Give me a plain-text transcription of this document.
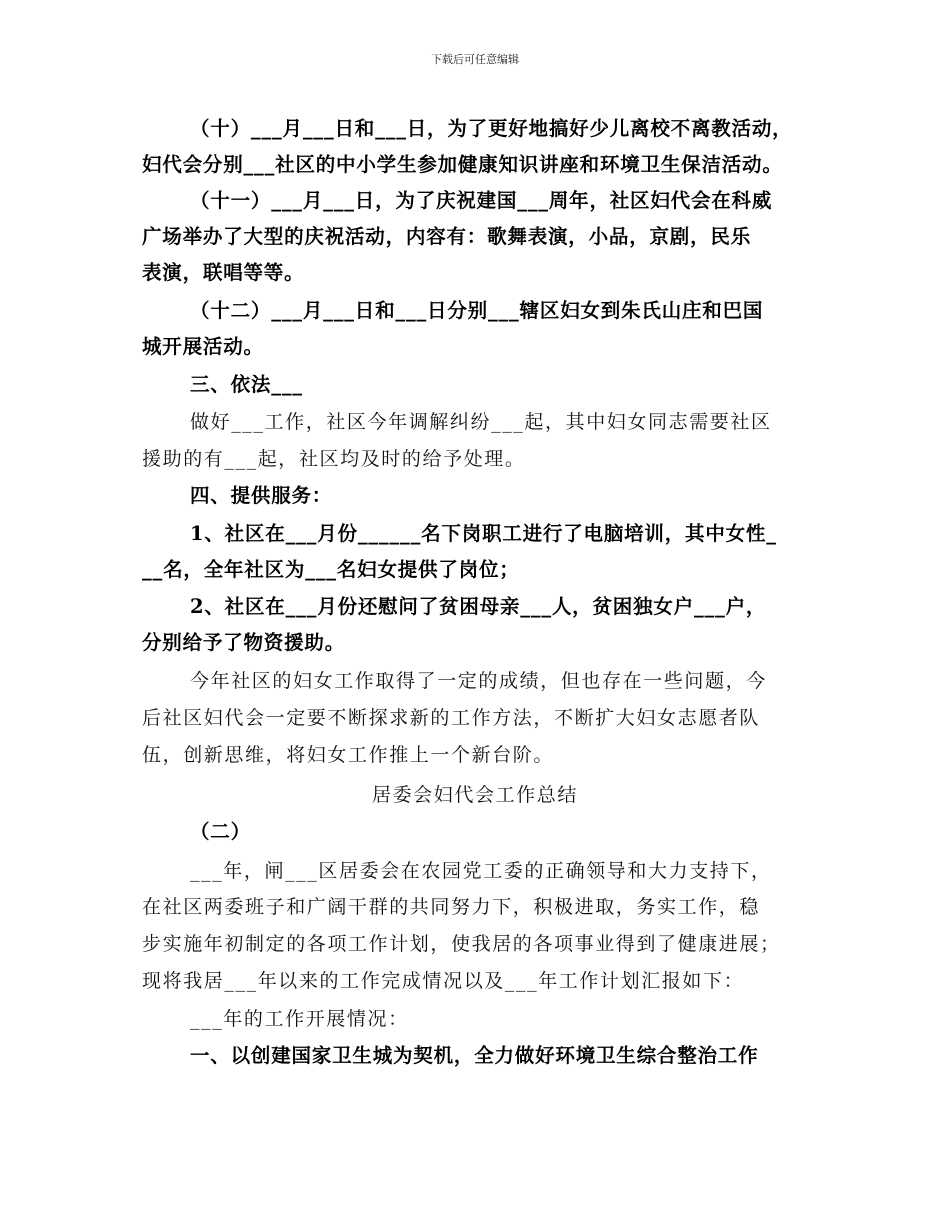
下载后可任意编辑
（十）___月___日和___日，为了更好地搞好少儿离校不离教活动，
妇代会分别___社区的中小学生参加健康知识讲座和环境卫生保洁活动。
（十一）___月___日，为了庆祝建国___周年，社区妇代会在科威
广场举办了大型的庆祝活动，内容有：歌舞表演，小品，京剧，民乐
表演，联唱等等。
（十二）___月___日和___日分别___辖区妇女到朱氏山庄和巴国
城开展活动。
三、依法___
做好___工作，社区今年调解纠纷___起，其中妇女同志需要社区
援助的有___起，社区均及时的给予处理。
四、提供服务：
1、社区在___月份______名下岗职工进行了电脑培训，其中女性_
__名，全年社区为___名妇女提供了岗位；
2、社区在___月份还慰问了贫困母亲___人，贫困独女户___户，
分别给予了物资援助。
今年社区的妇女工作取得了一定的成绩，但也存在一些问题，今
后社区妇代会一定要不断探求新的工作方法，不断扩大妇女志愿者队
伍，创新思维，将妇女工作推上一个新台阶。
居委会妇代会工作总结
（二）
___年，闸___区居委会在农园党工委的正确领导和大力支持下，
在社区两委班子和广阔干群的共同努力下，积极进取，务实工作，稳
步实施年初制定的各项工作计划，使我居的各项事业得到了健康进展；
现将我居___年以来的工作完成情况以及___年工作计划汇报如下：
___年的工作开展情况：
一、以创建国家卫生城为契机，全力做好环境卫生综合整治工作
